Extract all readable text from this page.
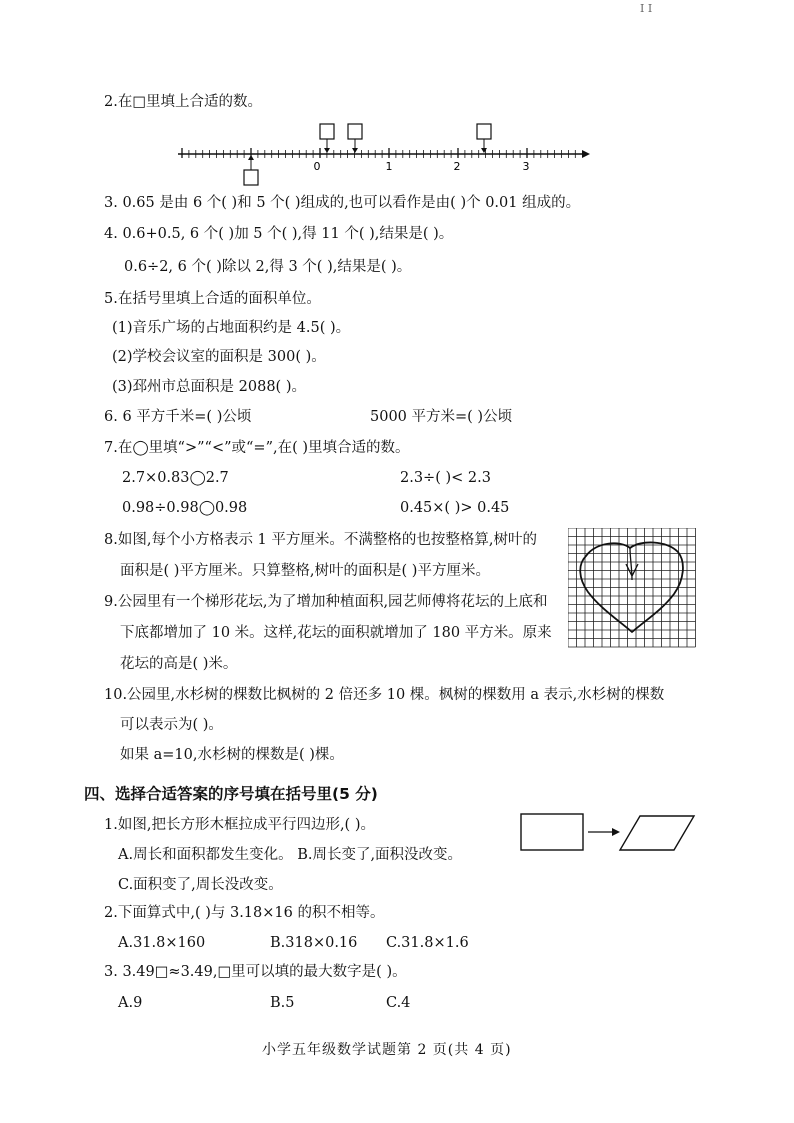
I I
2.在□里填上合适的数。
0	1	2	3
3. 0.65 是由 6 个( )和 5 个( )组成的,也可以看作是由( )个 0.01 组成的。
4. 0.6+0.5, 6 个( )加 5 个( ),得 11 个( ),结果是( )。
0.6÷2, 6 个( )除以 2,得 3 个( ),结果是( )。
5.在括号里填上合适的面积单位。
(1)音乐广场的占地面积约是 4.5( )。
(2)学校会议室的面积是 300( )。
(3)邳州市总面积是 2088( )。
6. 6 平方千米=( )公顷	5000 平方米=( )公顷
7.在◯里填“>”“<”或“=”,在( )里填合适的数。
2.7×0.83◯2.7	2.3÷( )< 2.3
0.98÷0.98◯0.98	0.45×( )> 0.45
8.如图,每个小方格表示 1 平方厘米。不满整格的也按整格算,树叶的
面积是( )平方厘米。只算整格,树叶的面积是( )平方厘米。
9.公园里有一个梯形花坛,为了增加种植面积,园艺师傅将花坛的上底和
下底都增加了 10 米。这样,花坛的面积就增加了 180 平方米。原来
花坛的高是( )米。
10.公园里,水杉树的棵数比枫树的 2 倍还多 10 棵。枫树的棵数用 a 表示,水杉树的棵数
可以表示为( )。
如果 a=10,水杉树的棵数是( )棵。
四、选择合适答案的序号填在括号里(5 分)
1.如图,把长方形木框拉成平行四边形,( )。
A.周长和面积都发生变化。 B.周长变了,面积没改变。
C.面积变了,周长没改变。
2.下面算式中,( )与 3.18×16 的积不相等。
A.31.8×160	B.318×0.16 C.31.8×1.6
3. 3.49□≈3.49,□里可以填的最大数字是( )。
A.9	B.5	C.4
小学五年级数学试题第 2 页(共 4 页)
